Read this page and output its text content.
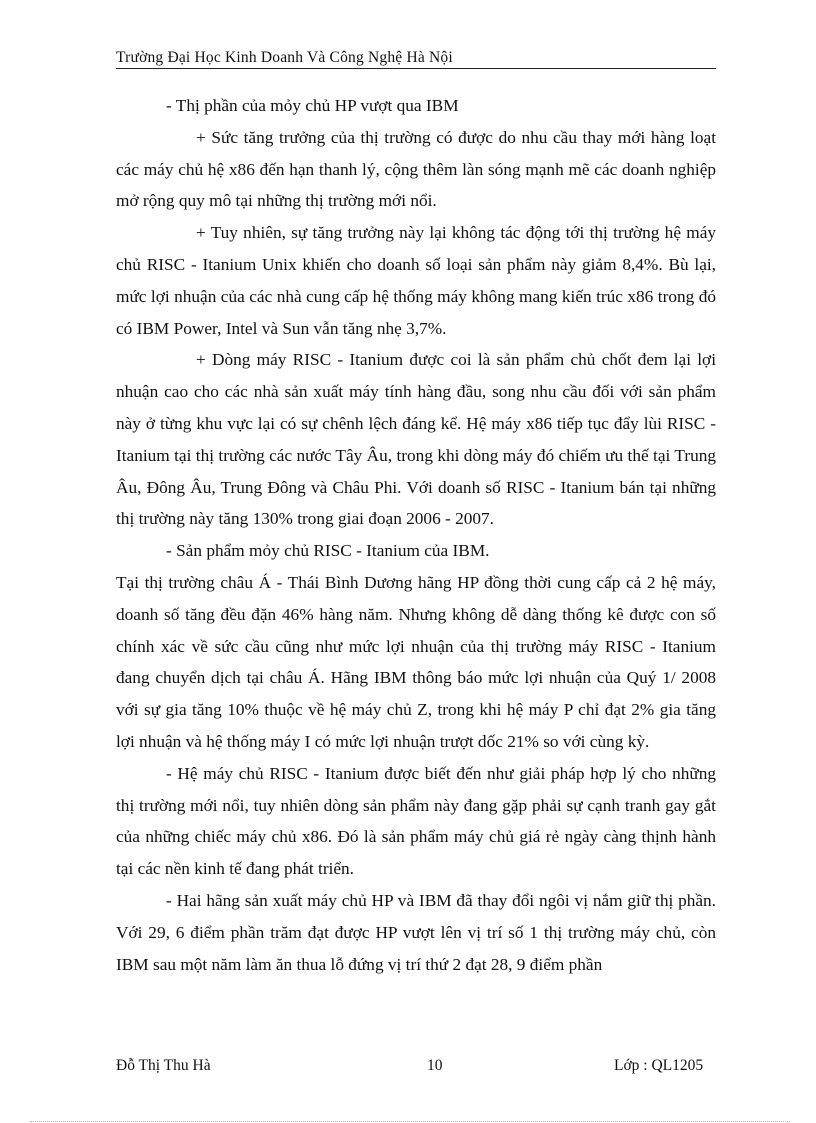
Trường Đại Học Kinh Doanh Và Công Nghệ Hà Nội

- Thị phần của mỏy chủ HP vượt qua IBM

+ Sức tăng trưởng của thị trường có được do nhu cầu thay mới hàng loạt các máy chủ hệ x86 đến hạn thanh lý, cộng thêm làn sóng mạnh mẽ các doanh nghiệp mở rộng quy mô tại những thị trường mới nổi.

+ Tuy nhiên, sự tăng trưởng này lại không tác động tới thị trường hệ máy chủ RISC - Itanium Unix khiến cho doanh số loại sản phẩm này giảm 8,4%. Bù lại, mức lợi nhuận của các nhà cung cấp hệ thống máy không mang kiến trúc x86 trong đó có IBM Power, Intel và Sun vẫn tăng nhẹ 3,7%.

+ Dòng máy RISC - Itanium được coi là sản phẩm chủ chốt đem lại lợi nhuận cao cho các nhà sản xuất máy tính hàng đầu, song nhu cầu đối với sản phẩm này ở từng khu vực lại có sự chênh lệch đáng kể. Hệ máy x86 tiếp tục đẩy lùi RISC - Itanium tại thị trường các nước Tây Âu, trong khi dòng máy đó chiếm ưu thế tại Trung Âu, Đông Âu, Trung Đông và Châu Phi. Với doanh số RISC - Itanium bán tại những thị trường này tăng 130% trong giai đoạn 2006 - 2007.

- Sản phẩm mỏy chủ RISC - Itanium của IBM.

Tại thị trường châu Á - Thái Bình Dương hãng HP đồng thời cung cấp cả 2 hệ máy, doanh số tăng đều đặn 46% hàng năm. Nhưng không dễ dàng thống kê được con số chính xác về sức cầu cũng như mức lợi nhuận của thị trường máy RISC - Itanium đang chuyển dịch tại châu Á. Hãng IBM thông báo mức lợi nhuận của Quý 1/ 2008 với sự gia tăng 10% thuộc về hệ máy chủ Z, trong khi hệ máy P chỉ đạt 2% gia tăng lợi nhuận và hệ thống máy I có mức lợi nhuận trượt dốc 21% so với cùng kỳ.

- Hệ máy chủ RISC - Itanium được biết đến như giải pháp hợp lý cho những thị trường mới nổi, tuy nhiên dòng sản phẩm này đang gặp phải sự cạnh tranh gay gắt của những chiếc máy chủ x86. Đó là sản phẩm máy chủ giá rẻ ngày càng thịnh hành tại các nền kinh tế đang phát triển.

- Hai hãng sản xuất máy chủ HP và IBM đã thay đổi ngôi vị nắm giữ thị phần. Với 29, 6 điểm phần trăm đạt được HP vượt lên vị trí số 1 thị trường máy chủ, còn IBM sau một năm làm ăn thua lỗ đứng vị trí thứ 2 đạt 28, 9 điểm phần

Đỗ Thị Thu Hà	10	Lớp : QL1205
